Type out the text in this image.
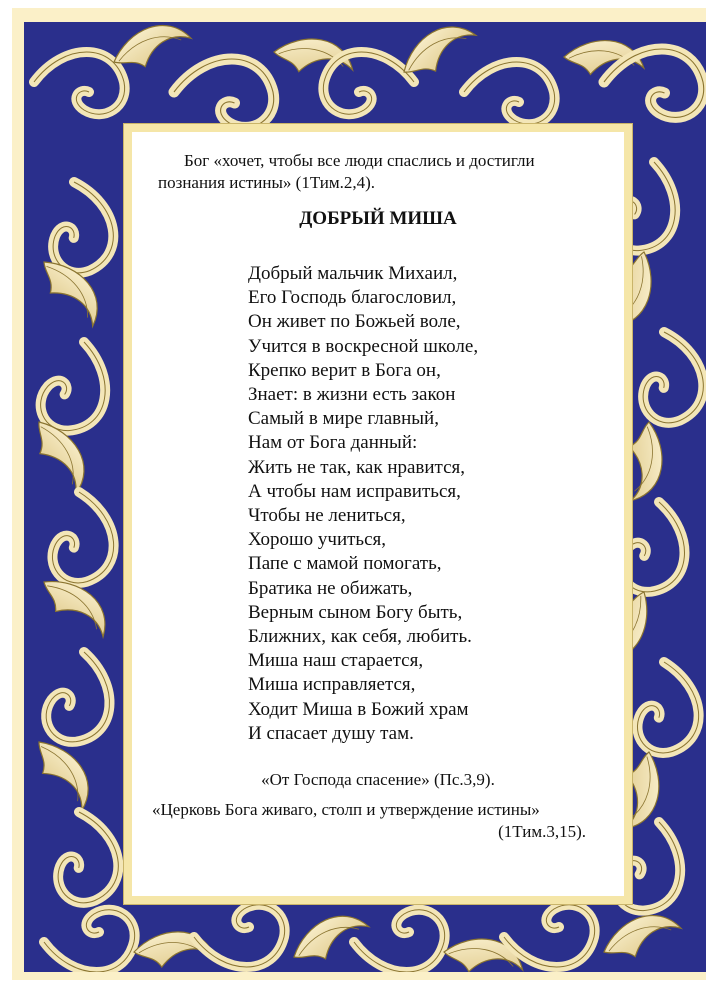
Бог «хочет, чтобы все люди спаслись и достигли
познания истины» (1Тим.2,4).
ДОБРЫЙ МИША
Добрый мальчик Михаил,
Его Господь благословил,
Он живет по Божьей воле,
Учится в воскресной школе,
Крепко верит в Бога он,
Знает: в жизни есть закон
Самый в мире главный,
Нам от Бога данный:
Жить не так, как нравится,
А чтобы нам исправиться,
Чтобы не лениться,
Хорошо учиться,
Папе с мамой помогать,
Братика не обижать,
Верным сыном Богу быть,
Ближних, как себя, любить.
Миша наш старается,
Миша исправляется,
Ходит Миша в Божий храм
И спасает душу там.
«От Господа спасение» (Пс.3,9).
«Церковь Бога живаго, столп и утверждение истины»
(1Тим.3,15).
